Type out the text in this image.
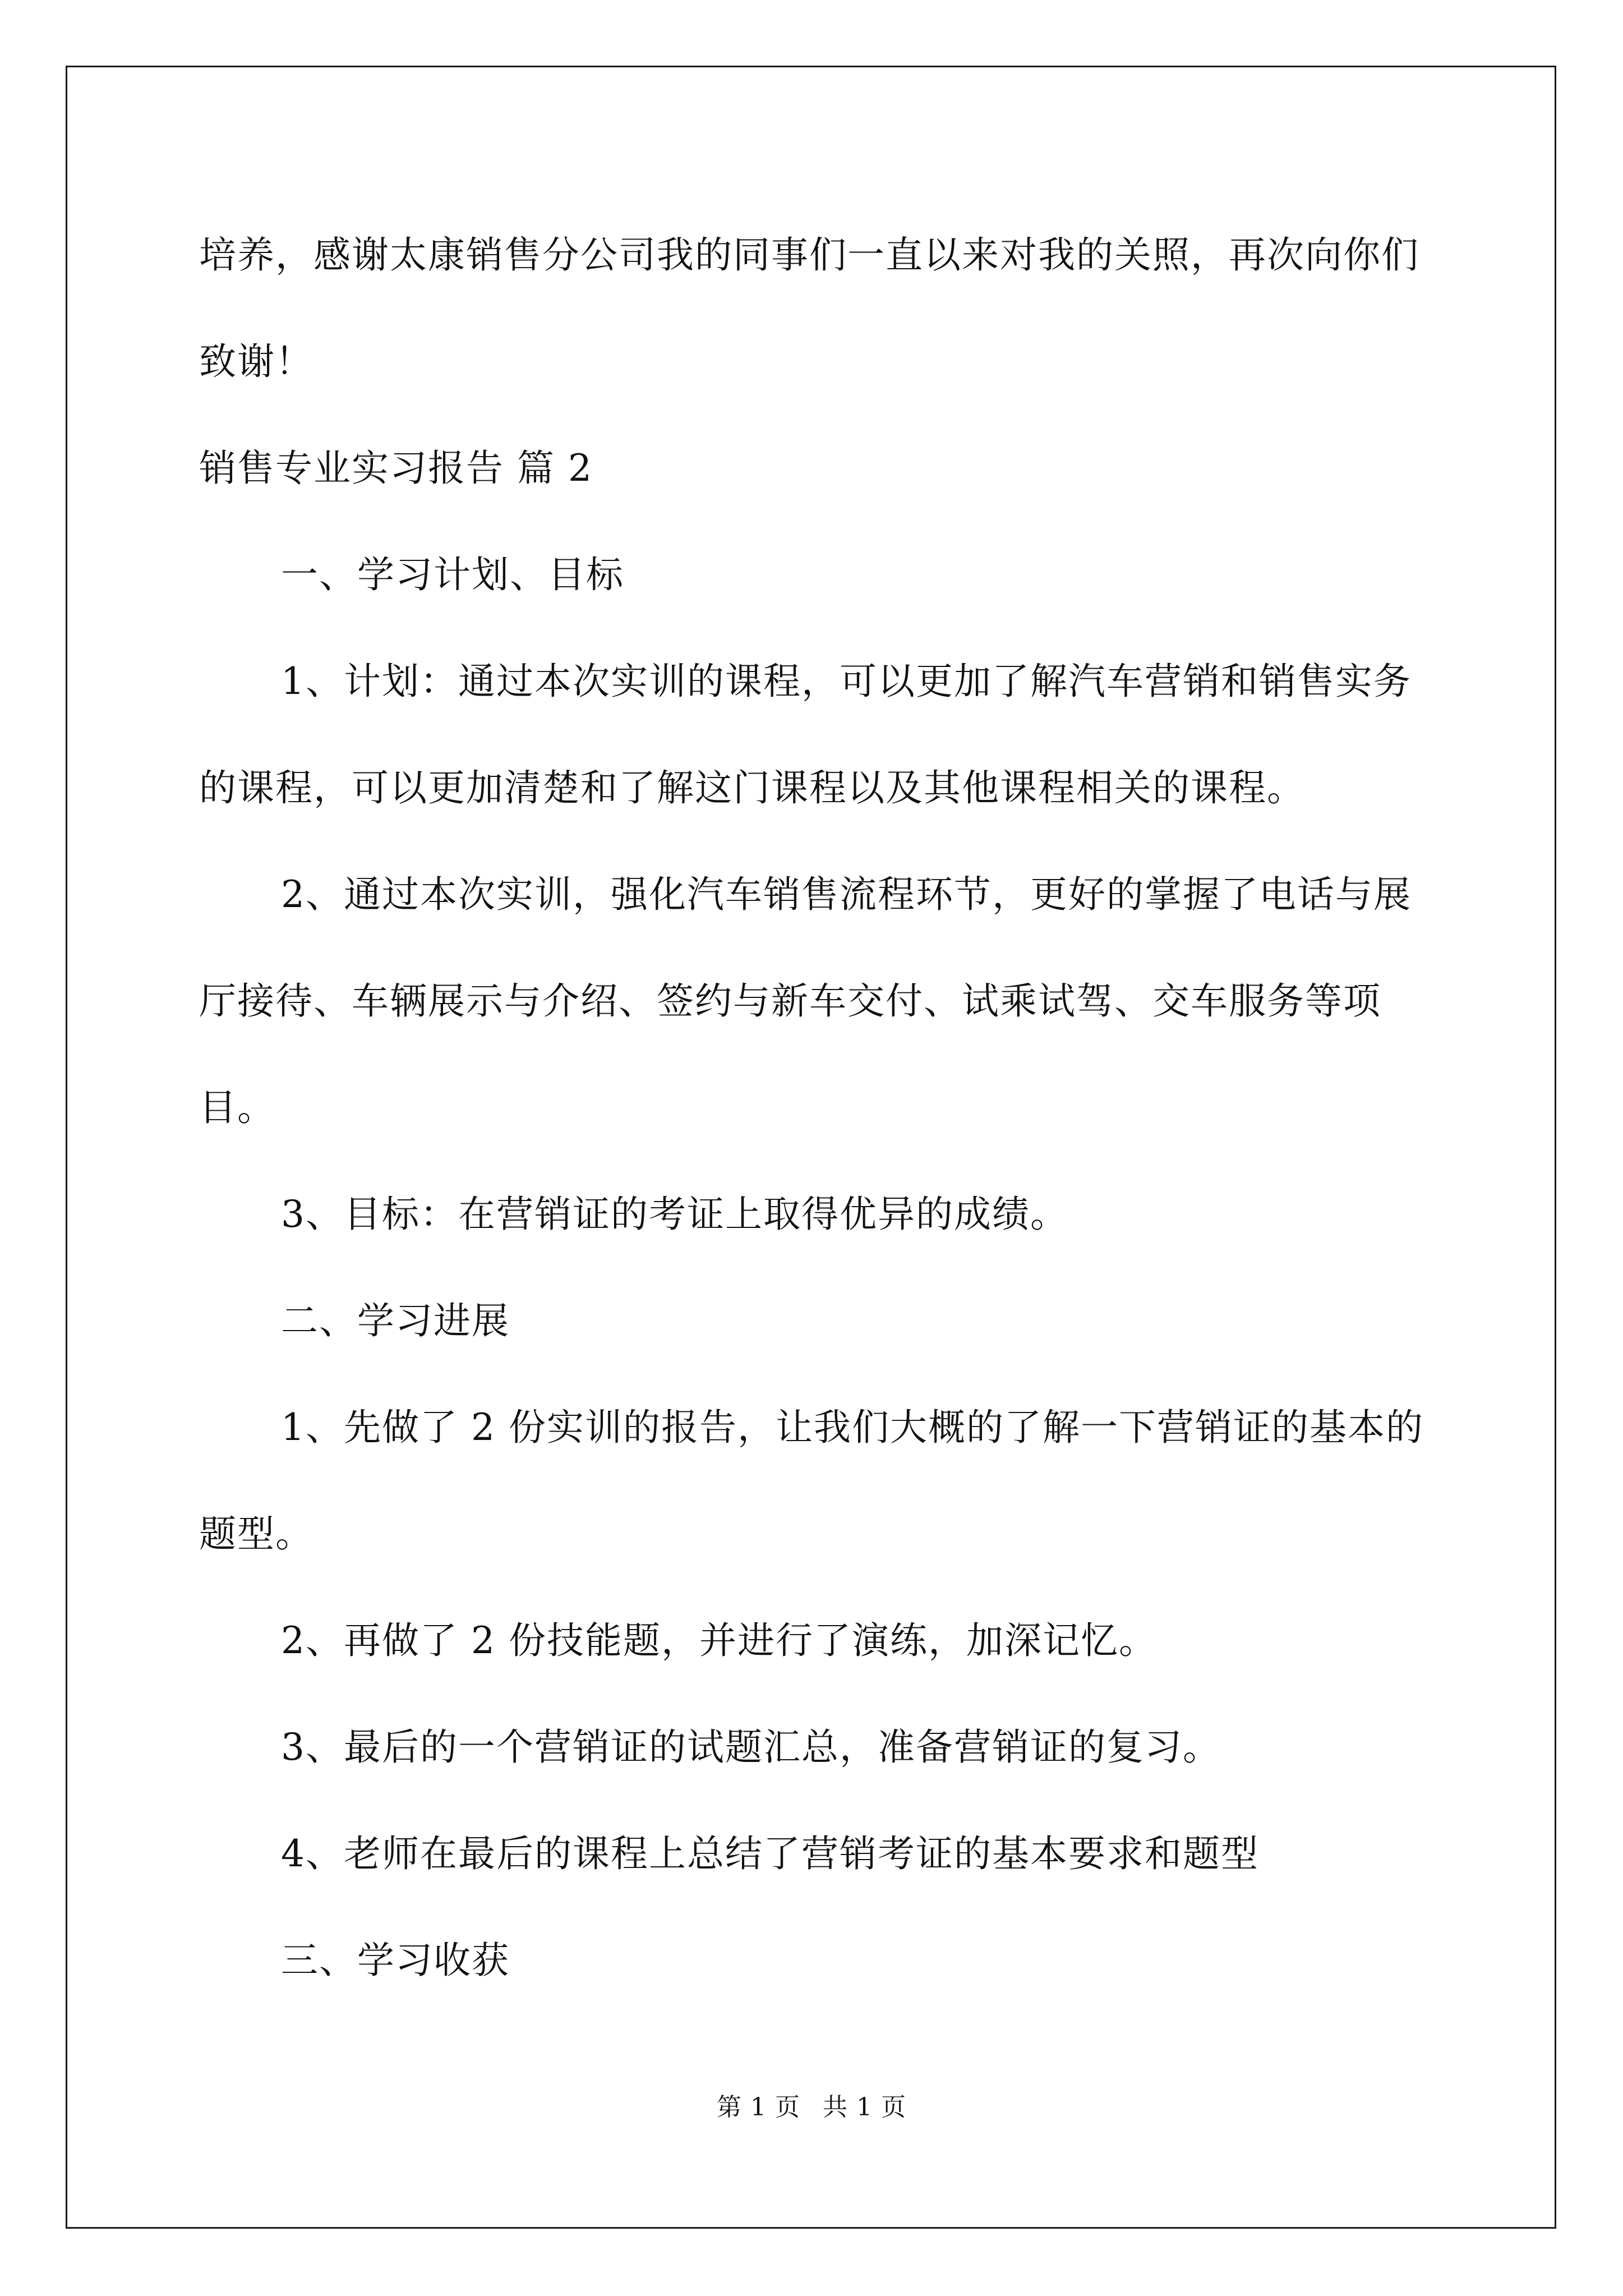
培养，感谢太康销售分公司我的同事们一直以来对我的关照，再次向你们致谢！

销售专业实习报告 篇 2

一、学习计划、目标

1、计划：通过本次实训的课程，可以更加了解汽车营销和销售实务的课程，可以更加清楚和了解这门课程以及其他课程相关的课程。

2、通过本次实训，强化汽车销售流程环节，更好的掌握了电话与展厅接待、车辆展示与介绍、签约与新车交付、试乘试驾、交车服务等项目。

3、目标：在营销证的考证上取得优异的成绩。

二、学习进展

1、先做了 2 份实训的报告，让我们大概的了解一下营销证的基本的题型。

2、再做了 2 份技能题，并进行了演练，加深记忆。

3、最后的一个营销证的试题汇总，准备营销证的复习。

4、老师在最后的课程上总结了营销考证的基本要求和题型

三、学习收获

第 1 页 共 1 页
